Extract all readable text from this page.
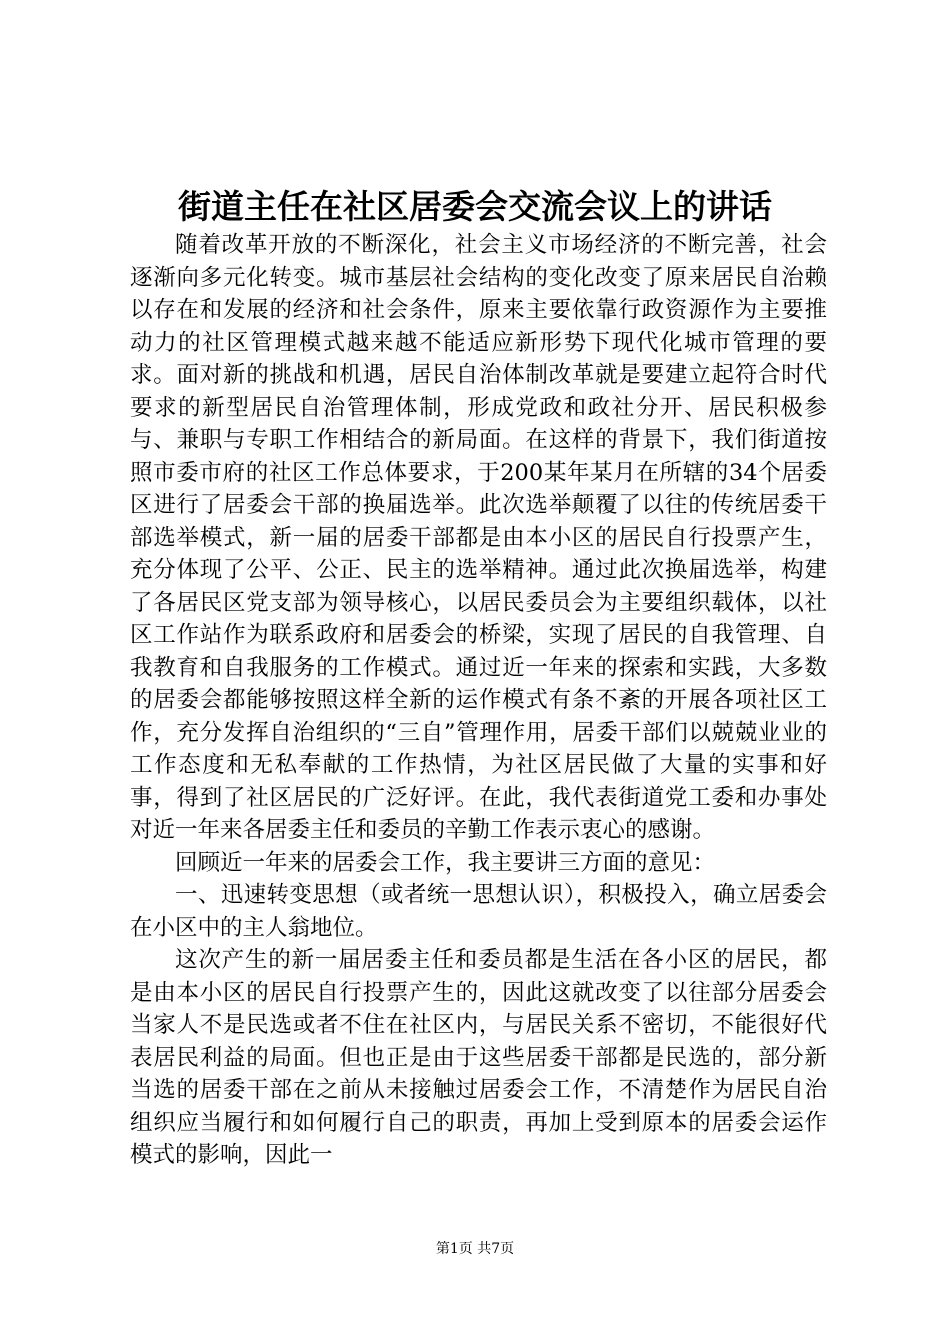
街道主任在社区居委会交流会议上的讲话

随着改革开放的不断深化，社会主义市场经济的不断完善，社会逐渐向多元化转变。城市基层社会结构的变化改变了原来居民自治赖以存在和发展的经济和社会条件，原来主要依靠行政资源作为主要推动力的社区管理模式越来越不能适应新形势下现代化城市管理的要求。面对新的挑战和机遇，居民自治体制改革就是要建立起符合时代要求的新型居民自治管理体制，形成党政和政社分开、居民积极参与、兼职与专职工作相结合的新局面。在这样的背景下，我们街道按照市委市府的社区工作总体要求，于200某年某月在所辖的34个居委区进行了居委会干部的换届选举。此次选举颠覆了以往的传统居委干部选举模式，新一届的居委干部都是由本小区的居民自行投票产生，充分体现了公平、公正、民主的选举精神。通过此次换届选举，构建了各居民区党支部为领导核心，以居民委员会为主要组织载体，以社区工作站作为联系政府和居委会的桥梁，实现了居民的自我管理、自我教育和自我服务的工作模式。通过近一年来的探索和实践，大多数的居委会都能够按照这样全新的运作模式有条不紊的开展各项社区工作，充分发挥自治组织的“三自”管理作用，居委干部们以兢兢业业的工作态度和无私奉献的工作热情，为社区居民做了大量的实事和好事，得到了社区居民的广泛好评。在此，我代表街道党工委和办事处对近一年来各居委主任和委员的辛勤工作表示衷心的感谢。

回顾近一年来的居委会工作，我主要讲三方面的意见：

一、迅速转变思想（或者统一思想认识），积极投入，确立居委会在小区中的主人翁地位。

这次产生的新一届居委主任和委员都是生活在各小区的居民，都是由本小区的居民自行投票产生的，因此这就改变了以往部分居委会当家人不是民选或者不住在社区内，与居民关系不密切，不能很好代表居民利益的局面。但也正是由于这些居委干部都是民选的，部分新当选的居委干部在之前从未接触过居委会工作，不清楚作为居民自治组织应当履行和如何履行自己的职责，再加上受到原本的居委会运作模式的影响，因此一

第1页 共7页
